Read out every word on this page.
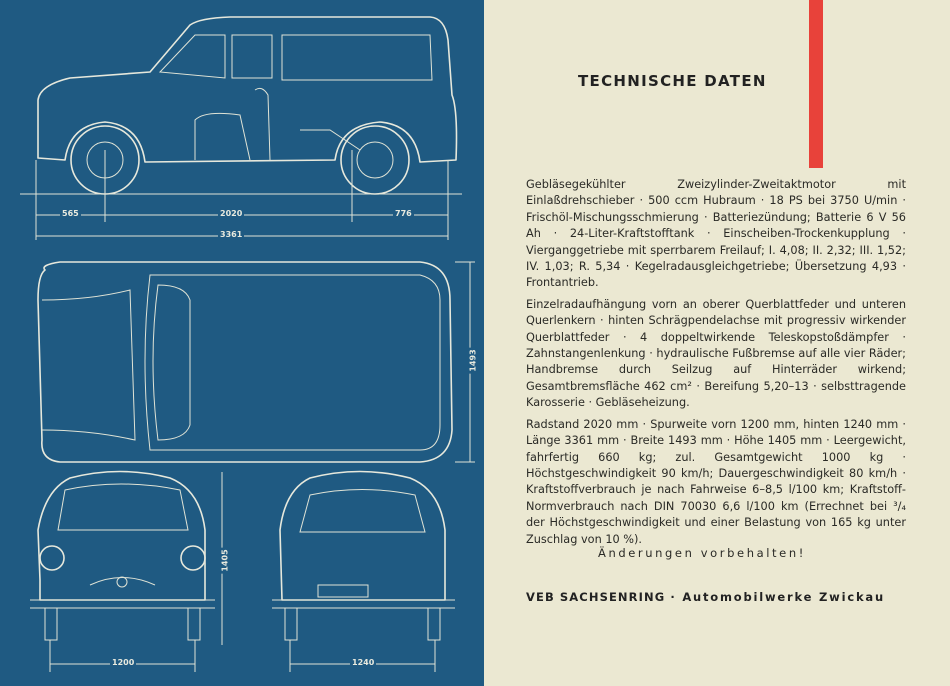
565	2020	776
3361
1493
1405
1200	1240
TECHNISCHE DATEN

Gebläsegekühlter Zweizylinder-Zweitaktmotor mit Einlaßdrehschieber · 500 ccm Hubraum · 18 PS bei 3750 U/min · Frischöl-Mischungsschmierung · Batteriezündung; Batterie 6 V 56 Ah · 24-Liter-Kraftstofftank · Einscheiben-Trockenkupplung · Vierganggetriebe mit sperrbarem Freilauf; I. 4,08; II. 2,32; III. 1,52; IV. 1,03; R. 5,34 · Kegelradausgleichgetriebe; Übersetzung 4,93 · Frontantrieb.

Einzelradaufhängung vorn an oberer Querblattfeder und unteren Querlenkern · hinten Schrägpendelachse mit progressiv wirkender Querblattfeder · 4 doppeltwirkende Teleskopstoßdämpfer · Zahnstangenlenkung · hydraulische Fußbremse auf alle vier Räder; Handbremse durch Seilzug auf Hinterräder wirkend; Gesamtbremsfläche 462 cm² · Bereifung 5,20–13 · selbsttragende Karosserie · Gebläseheizung.

Radstand 2020 mm · Spurweite vorn 1200 mm, hinten 1240 mm · Länge 3361 mm · Breite 1493 mm · Höhe 1405 mm · Leergewicht, fahrfertig 660 kg; zul. Gesamtgewicht 1000 kg · Höchstgeschwindigkeit 90 km/h; Dauergeschwindigkeit 80 km/h · Kraftstoffverbrauch je nach Fahrweise 6–8,5 l/100 km; Kraftstoff-Normverbrauch nach DIN 70030 6,6 l/100 km (Errechnet bei ³/₄ der Höchstgeschwindigkeit und einer Belastung von 165 kg unter Zuschlag von 10 %).

Änderungen vorbehalten!
VEB SACHSENRING · Automobilwerke Zwickau
